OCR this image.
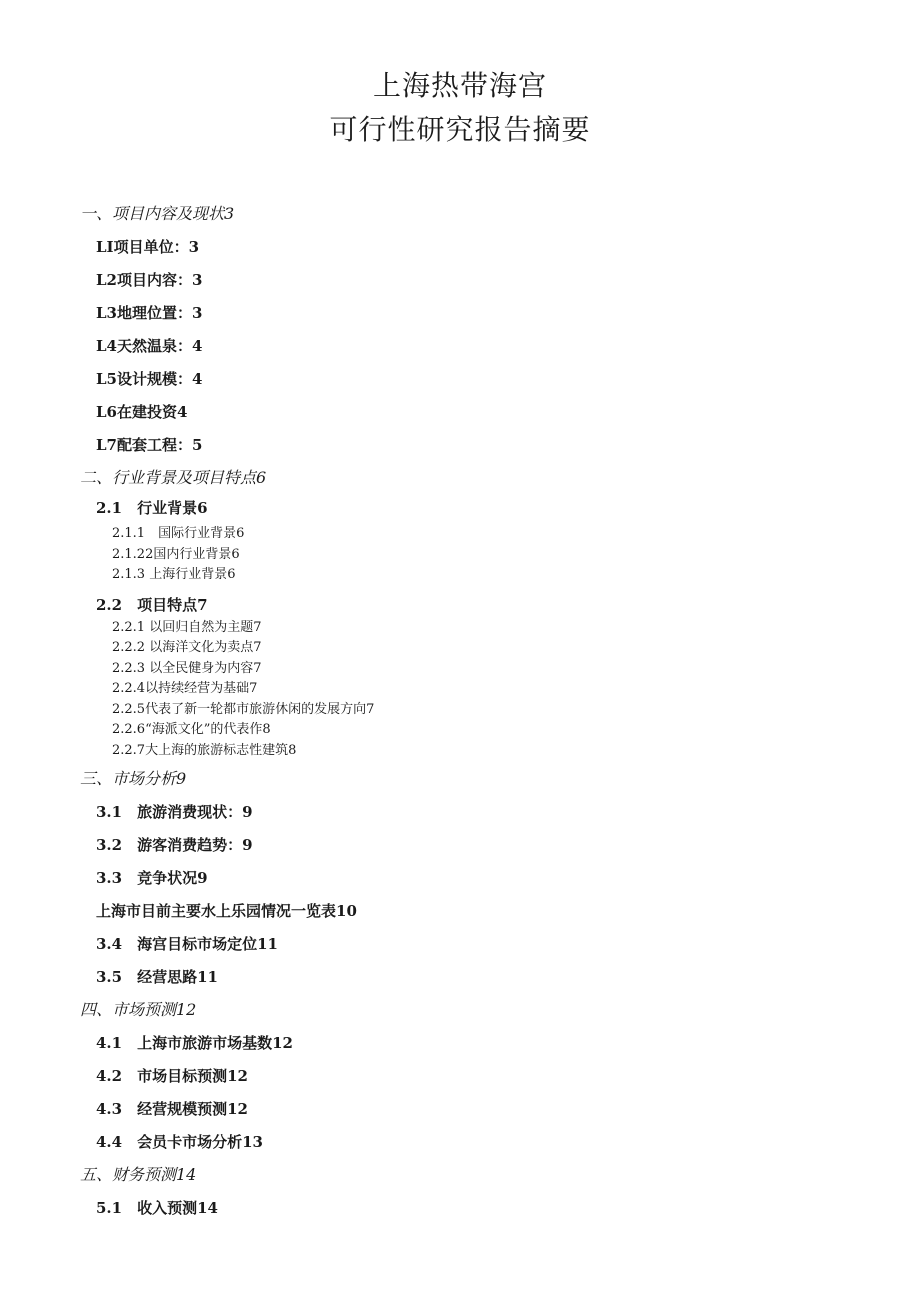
上海热带海宫
可行性研究报告摘要
一、项目内容及现状3
LI项目单位：3
L2项目内容：3
L3地理位置：3
L4天然温泉：4
L5设计规模：4
L6在建投资4
L7配套工程：5
二、行业背景及项目特点6
2.1　行业背景6
2.1.1　国际行业背景6
2.1.22国内行业背景6
2.1.3 上海行业背景6
2.2　项目特点7
2.2.1 以回归自然为主题7
2.2.2 以海洋文化为卖点7
2.2.3 以全民健身为内容7
2.2.4以持续经营为基础7
2.2.5代表了新一轮都市旅游休闲的发展方向7
2.2.6“海派文化”的代表作8
2.2.7大上海的旅游标志性建筑8
三、市场分析9
3.1　旅游消费现状：9
3.2　游客消费趋势：9
3.3　竞争状况9
上海市目前主要水上乐园情况一览表10
3.4　海宫目标市场定位11
3.5　经营思路11
四、市场预测12
4.1　上海市旅游市场基数12
4.2　市场目标预测12
4.3　经营规模预测12
4.4　会员卡市场分析13
五、财务预测14
5.1　收入预测14
